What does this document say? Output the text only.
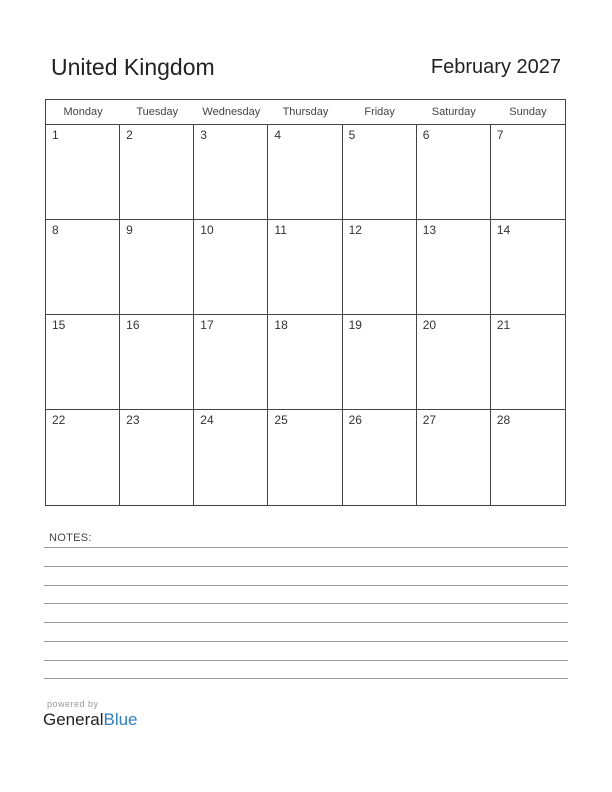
United Kingdom	February 2027
Monday	Tuesday	Wednesday	Thursday	Friday	Saturday	Sunday
1	2	3	4	5	6	7
8	9	10	11	12	13	14
15	16	17	18	19	20	21
22	23	24	25	26	27	28
NOTES:
powered by
GeneralBlue
